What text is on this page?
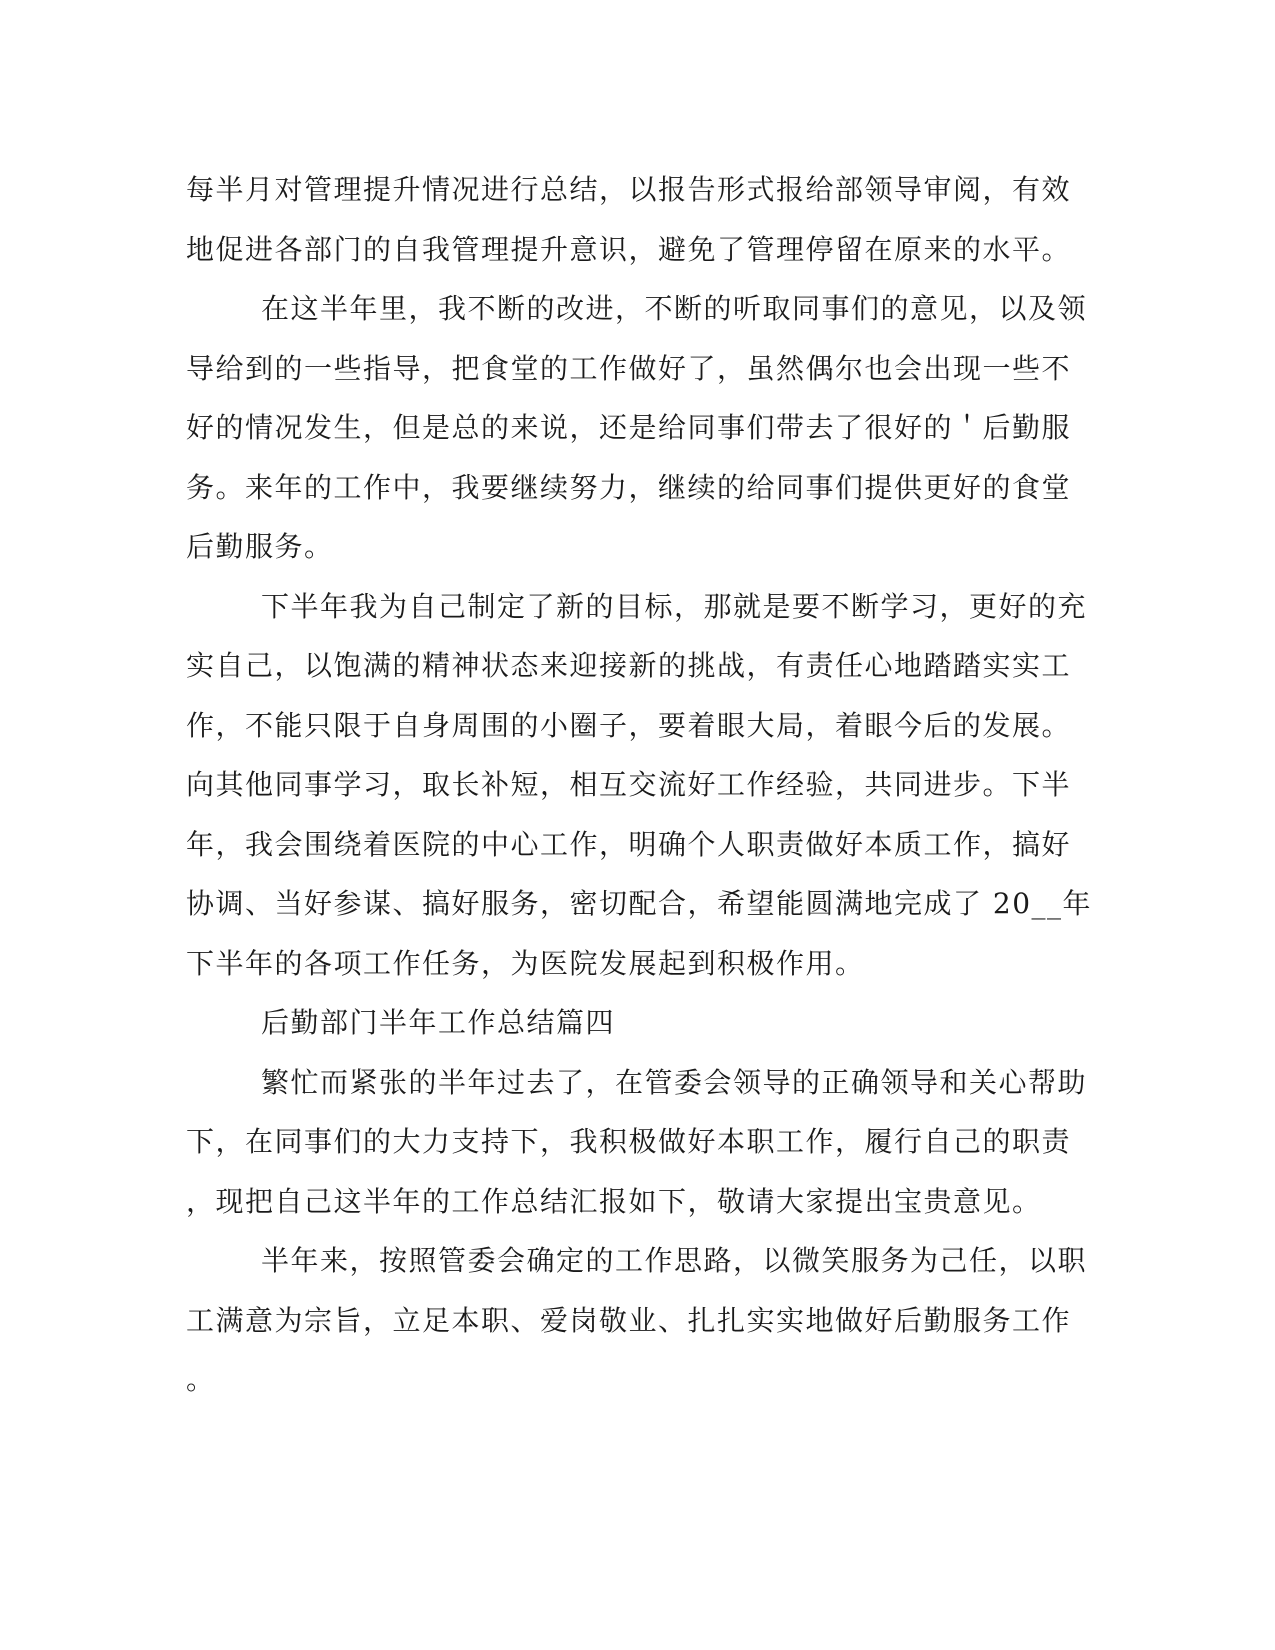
每半月对管理提升情况进行总结，以报告形式报给部领导审阅，有效
地促进各部门的自我管理提升意识，避免了管理停留在原来的水平。
在这半年里，我不断的改进，不断的听取同事们的意见，以及领
导给到的一些指导，把食堂的工作做好了，虽然偶尔也会出现一些不
好的情况发生，但是总的来说，还是给同事们带去了很好的＇后勤服
务。来年的工作中，我要继续努力，继续的给同事们提供更好的食堂
后勤服务。
下半年我为自己制定了新的目标，那就是要不断学习，更好的充
实自己，以饱满的精神状态来迎接新的挑战，有责任心地踏踏实实工
作，不能只限于自身周围的小圈子，要着眼大局，着眼今后的发展。
向其他同事学习，取长补短，相互交流好工作经验，共同进步。下半
年，我会围绕着医院的中心工作，明确个人职责做好本质工作，搞好
协调、当好参谋、搞好服务，密切配合，希望能圆满地完成了 20__年
下半年的各项工作任务，为医院发展起到积极作用。
后勤部门半年工作总结篇四
繁忙而紧张的半年过去了，在管委会领导的正确领导和关心帮助
下，在同事们的大力支持下，我积极做好本职工作，履行自己的职责
，现把自己这半年的工作总结汇报如下，敬请大家提出宝贵意见。
半年来，按照管委会确定的工作思路，以微笑服务为己任，以职
工满意为宗旨，立足本职、爱岗敬业、扎扎实实地做好后勤服务工作
。
